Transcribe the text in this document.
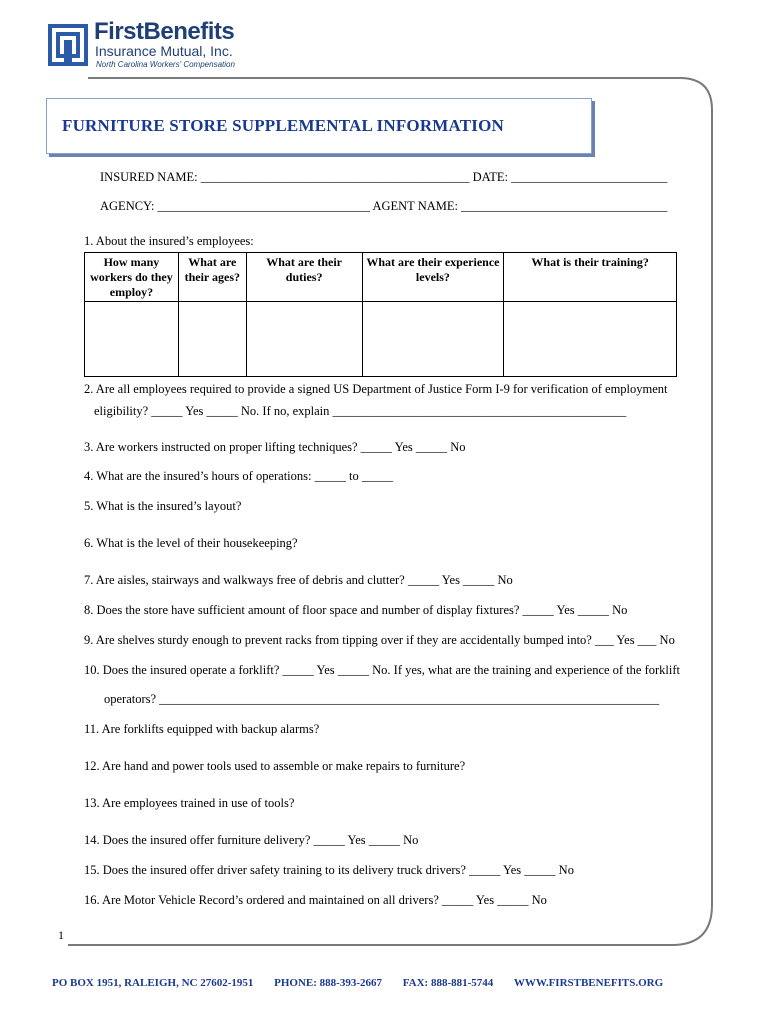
FirstBenefits
Insurance Mutual, Inc.
North Carolina Workers' Compensation
FURNITURE STORE SUPPLEMENTAL INFORMATION
INSURED NAME: ___________________________________________ DATE: _________________________
AGENCY: __________________________________ AGENT NAME: _________________________________
1. About the insured’s employees:
How many workers do they employ?	What are their ages?	What are their duties?	What are their experience levels?	What is their training?

2. Are all employees required to provide a signed US Department of Justice Form I-9 for verification of employment
eligibility? _____ Yes _____ No. If no, explain _______________________________________________
3. Are workers instructed on proper lifting techniques? _____ Yes _____ No
4. What are the insured’s hours of operations: _____ to _____
5. What is the insured’s layout?
6. What is the level of their housekeeping?
7. Are aisles, stairways and walkways free of debris and clutter? _____ Yes _____ No
8. Does the store have sufficient amount of floor space and number of display fixtures? _____ Yes _____ No
9. Are shelves sturdy enough to prevent racks from tipping over if they are accidentally bumped into? ___ Yes ___ No
10. Does the insured operate a forklift? _____ Yes _____ No. If yes, what are the training and experience of the forklift
operators? ________________________________________________________________________________
11. Are forklifts equipped with backup alarms?
12. Are hand and power tools used to assemble or make repairs to furniture?
13. Are employees trained in use of tools?
14. Does the insured offer furniture delivery? _____ Yes _____ No
15. Does the insured offer driver safety training to its delivery truck drivers? _____ Yes _____ No
16. Are Motor Vehicle Record’s ordered and maintained on all drivers? _____ Yes _____ No
1
PO BOX 1951, RALEIGH, NC 27602-1951 PHONE: 888-393-2667 FAX: 888-881-5744 WWW.FIRSTBENEFITS.ORG
